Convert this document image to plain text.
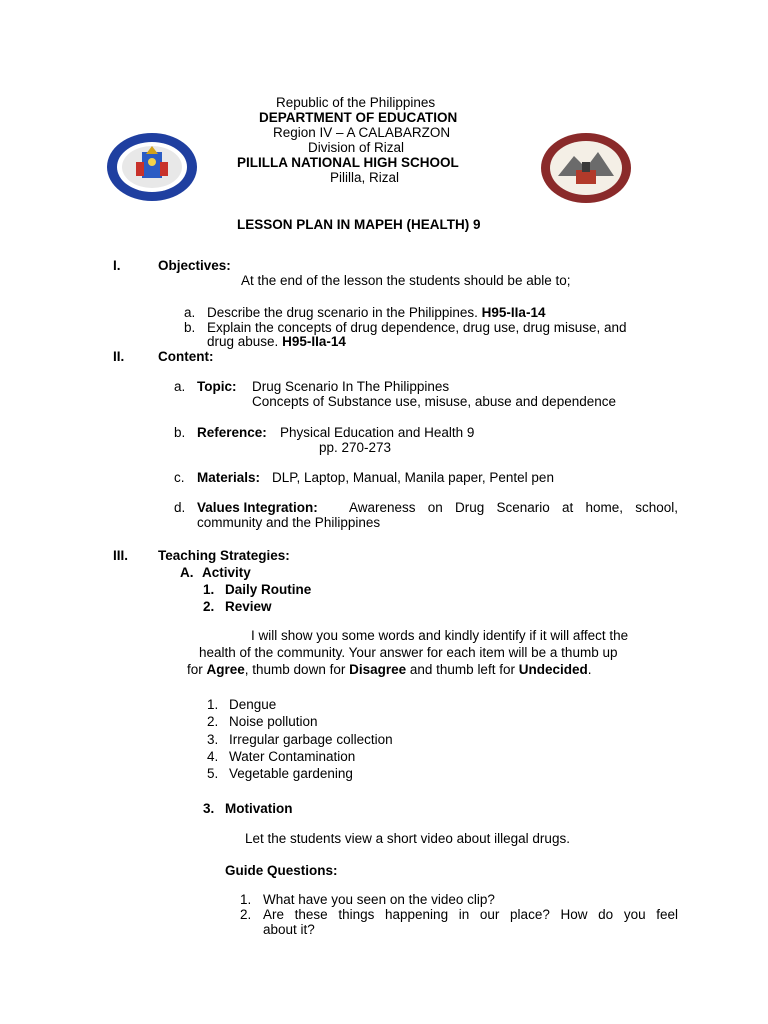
Republic of the Philippines
DEPARTMENT OF EDUCATION
Region IV – A CALABARZON
Division of Rizal
PILILLA NATIONAL HIGH SCHOOL
Pililla, Rizal
LESSON PLAN IN MAPEH (HEALTH) 9
I.	Objectives:
At the end of the lesson the students should be able to;
a. Describe the drug scenario in the Philippines. H95-IIa-14
b. Explain the concepts of drug dependence, drug use, drug misuse, and
drug abuse. H95-IIa-14
II. Content:
a. Topic: Drug Scenario In The Philippines
Concepts of Substance use, misuse, abuse and dependence
b. Reference: Physical Education and Health 9
pp. 270-273
c. Materials: DLP, Laptop, Manual, Manila paper, Pentel pen
d. Values Integration: Awareness on Drug Scenario at home, school,
community and the Philippines
III. Teaching Strategies:
A. Activity
1. Daily Routine
2. Review
I will show you some words and kindly identify if it will affect the
health of the community. Your answer for each item will be a thumb up
for Agree, thumb down for Disagree and thumb left for Undecided.
1. Dengue
2. Noise pollution
3. Irregular garbage collection
4. Water Contamination
5. Vegetable gardening
3. Motivation
Let the students view a short video about illegal drugs.
Guide Questions:
1. What have you seen on the video clip?
2. Are these things happening in our place? How do you feel
about it?
